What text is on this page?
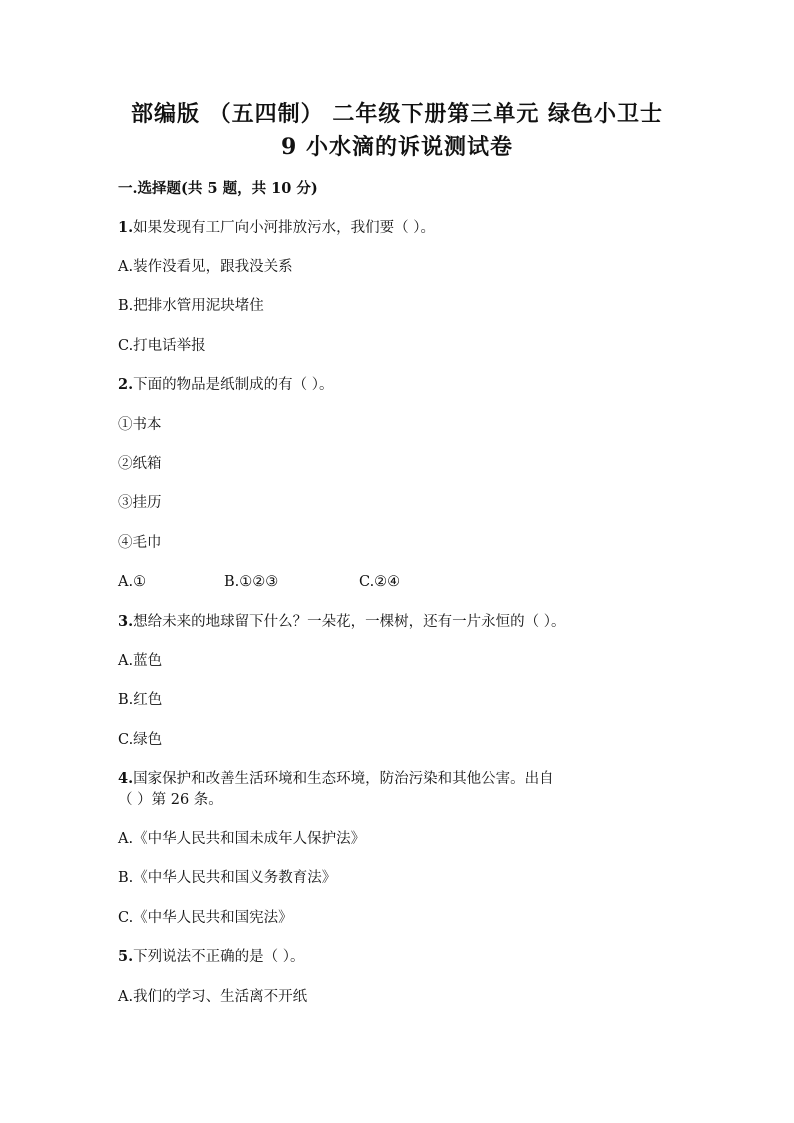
部编版 （五四制） 二年级下册第三单元 绿色小卫士
9 小水滴的诉说测试卷
一.选择题(共 5 题，共 10 分)
1.如果发现有工厂向小河排放污水，我们要（ ）。
A.装作没看见，跟我没关系
B.把排水管用泥块堵住
C.打电话举报
2.下面的物品是纸制成的有（ ）。
①书本
②纸箱
③挂历
④毛巾
A.①	B.①②③	C.②④
3.想给未来的地球留下什么？一朵花，一棵树，还有一片永恒的（ ）。
A.蓝色
B.红色
C.绿色
4.国家保护和改善生活环境和生态环境，防治污染和其他公害。出自
（ ）第 26 条。
A.《中华人民共和国未成年人保护法》
B.《中华人民共和国义务教育法》
C.《中华人民共和国宪法》
5.下列说法不正确的是（ ）。
A.我们的学习、生活离不开纸
